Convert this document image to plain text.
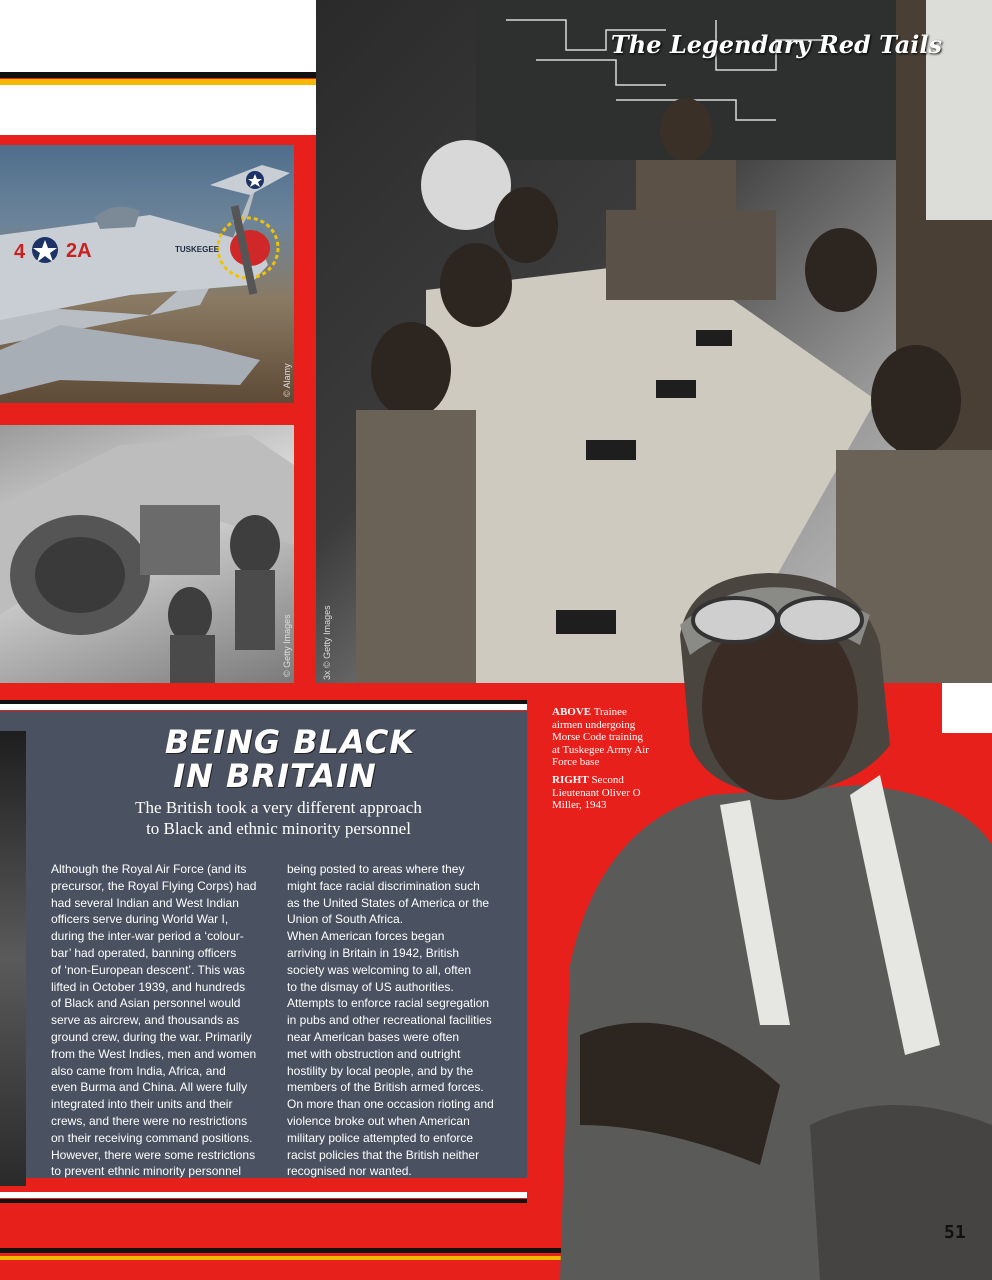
4 2A	TUSKEGEE
© Alamy
© Getty Images
The Legendary Red Tails
3x © Getty Images
BEING BLACK
IN BRITAIN
The British took a very different approach
to Black and ethnic minority personnel
Although the Royal Air Force (and its
precursor, the Royal Flying Corps) had
had several Indian and West Indian
officers serve during World War I,
during the inter-war period a ‘colour-
bar’ had operated, banning officers
of ‘non-European descent’. This was
lifted in October 1939, and hundreds
of Black and Asian personnel would
serve as aircrew, and thousands as
ground crew, during the war. Primarily
from the West Indies, men and women
also came from India, Africa, and
even Burma and China. All were fully
integrated into their units and their
crews, and there were no restrictions
on their receiving command positions.
However, there were some restrictions
to prevent ethnic minority personnel
being posted to areas where they
might face racial discrimination such
as the United States of America or the
Union of South Africa.
When American forces began
arriving in Britain in 1942, British
society was welcoming to all, often
to the dismay of US authorities.
Attempts to enforce racial segregation
in pubs and other recreational facilities
near American bases were often
met with obstruction and outright
hostility by local people, and by the
members of the British armed forces.
On more than one occasion rioting and
violence broke out when American
military police attempted to enforce
racist policies that the British neither
recognised nor wanted.
ABOVE Trainee airmen undergoing Morse Code training at Tuskegee Army Air Force base
RIGHT Second Lieutenant Oliver O Miller, 1943
51
